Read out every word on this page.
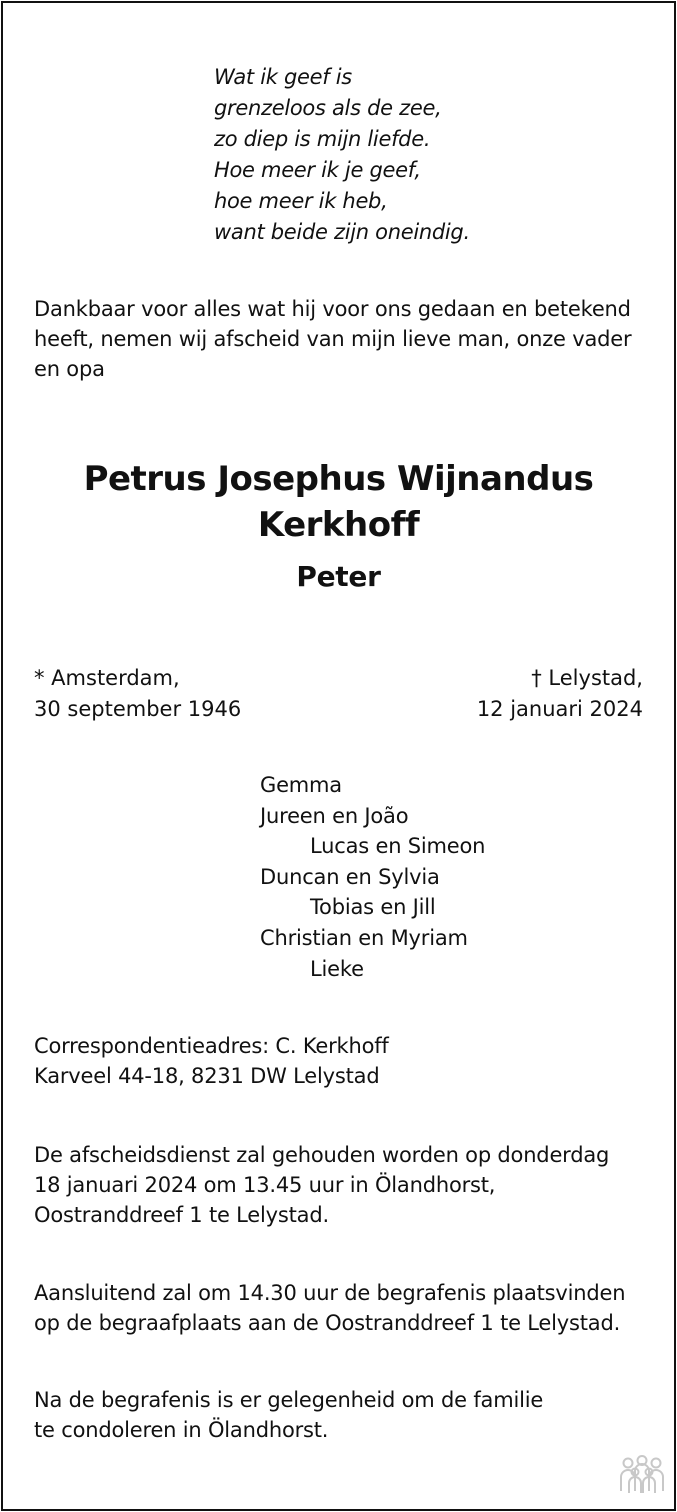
Wat ik geef is
grenzeloos als de zee,
zo diep is mijn liefde.
Hoe meer ik je geef,
hoe meer ik heb,
want beide zijn oneindig.
Dankbaar voor alles wat hij voor ons gedaan en betekend
heeft, nemen wij afscheid van mijn lieve man, onze vader
en opa
Petrus Josephus Wijnandus
Kerkhoff
Peter
* Amsterdam,
30 september 1946
† Lelystad,
12 januari 2024
Gemma
Jureen en João
Lucas en Simeon
Duncan en Sylvia
Tobias en Jill
Christian en Myriam
Lieke
Correspondentieadres: C. Kerkhoff
Karveel 44-18, 8231 DW Lelystad
De afscheidsdienst zal gehouden worden op donderdag
18 januari 2024 om 13.45 uur in Ölandhorst,
Oostranddreef 1 te Lelystad.
Aansluitend zal om 14.30 uur de begrafenis plaatsvinden
op de begraafplaats aan de Oostranddreef 1 te Lelystad.
Na de begrafenis is er gelegenheid om de familie
te condoleren in Ölandhorst.
